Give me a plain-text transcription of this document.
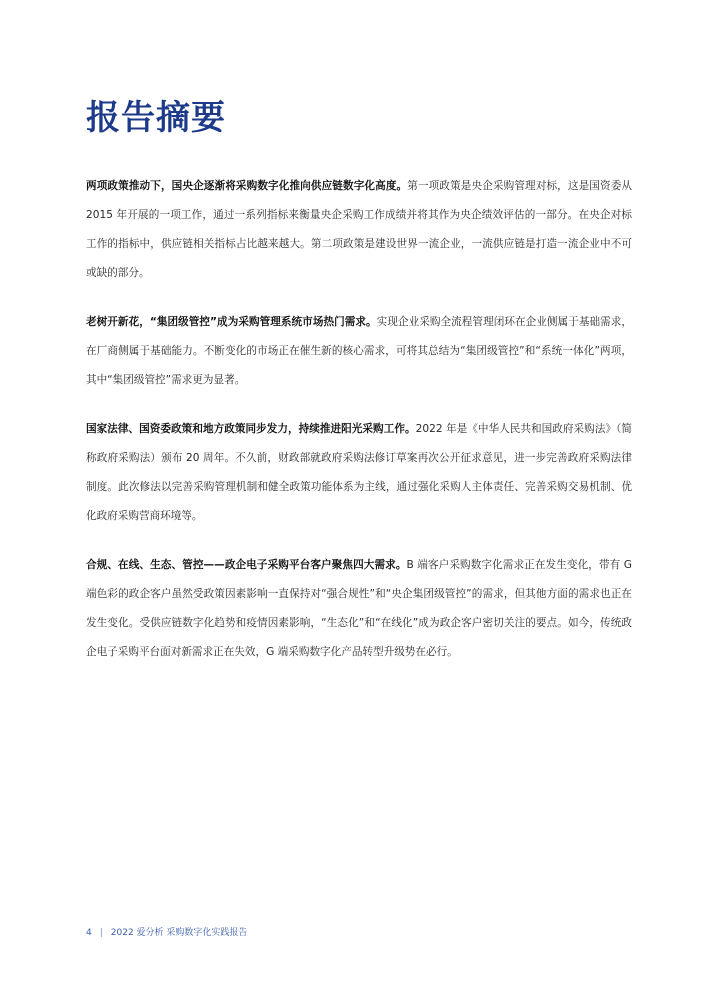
报告摘要

两项政策推动下，国央企逐渐将采购数字化推向供应链数字化高度。第一项政策是央企采购管理对标，这是国资委从 2015 年开展的一项工作，通过一系列指标来衡量央企采购工作成绩并将其作为央企绩效评估的一部分。在央企对标工作的指标中，供应链相关指标占比越来越大。第二项政策是建设世界一流企业，一流供应链是打造一流企业中不可或缺的部分。

老树开新花，“集团级管控”成为采购管理系统市场热门需求。实现企业采购全流程管理闭环在企业侧属于基础需求，在厂商侧属于基础能力。不断变化的市场正在催生新的核心需求，可将其总结为“集团级管控”和“系统一体化”两项，其中“集团级管控”需求更为显著。

国家法律、国资委政策和地方政策同步发力，持续推进阳光采购工作。2022 年是《中华人民共和国政府采购法》（简称政府采购法）颁布 20 周年。不久前，财政部就政府采购法修订草案再次公开征求意见，进一步完善政府采购法律制度。此次修法以完善采购管理机制和健全政策功能体系为主线，通过强化采购人主体责任、完善采购交易机制、优化政府采购营商环境等。

合规、在线、生态、管控——政企电子采购平台客户聚焦四大需求。B 端客户采购数字化需求正在发生变化，带有 G 端色彩的政企客户虽然受政策因素影响一直保持对“强合规性”和“央企集团级管控”的需求，但其他方面的需求也正在发生变化。受供应链数字化趋势和疫情因素影响，“生态化”和“在线化”成为政企客户密切关注的要点。如今，传统政企电子采购平台面对新需求正在失效，G 端采购数字化产品转型升级势在必行。

4 | 2022 爱分析 采购数字化实践报告
